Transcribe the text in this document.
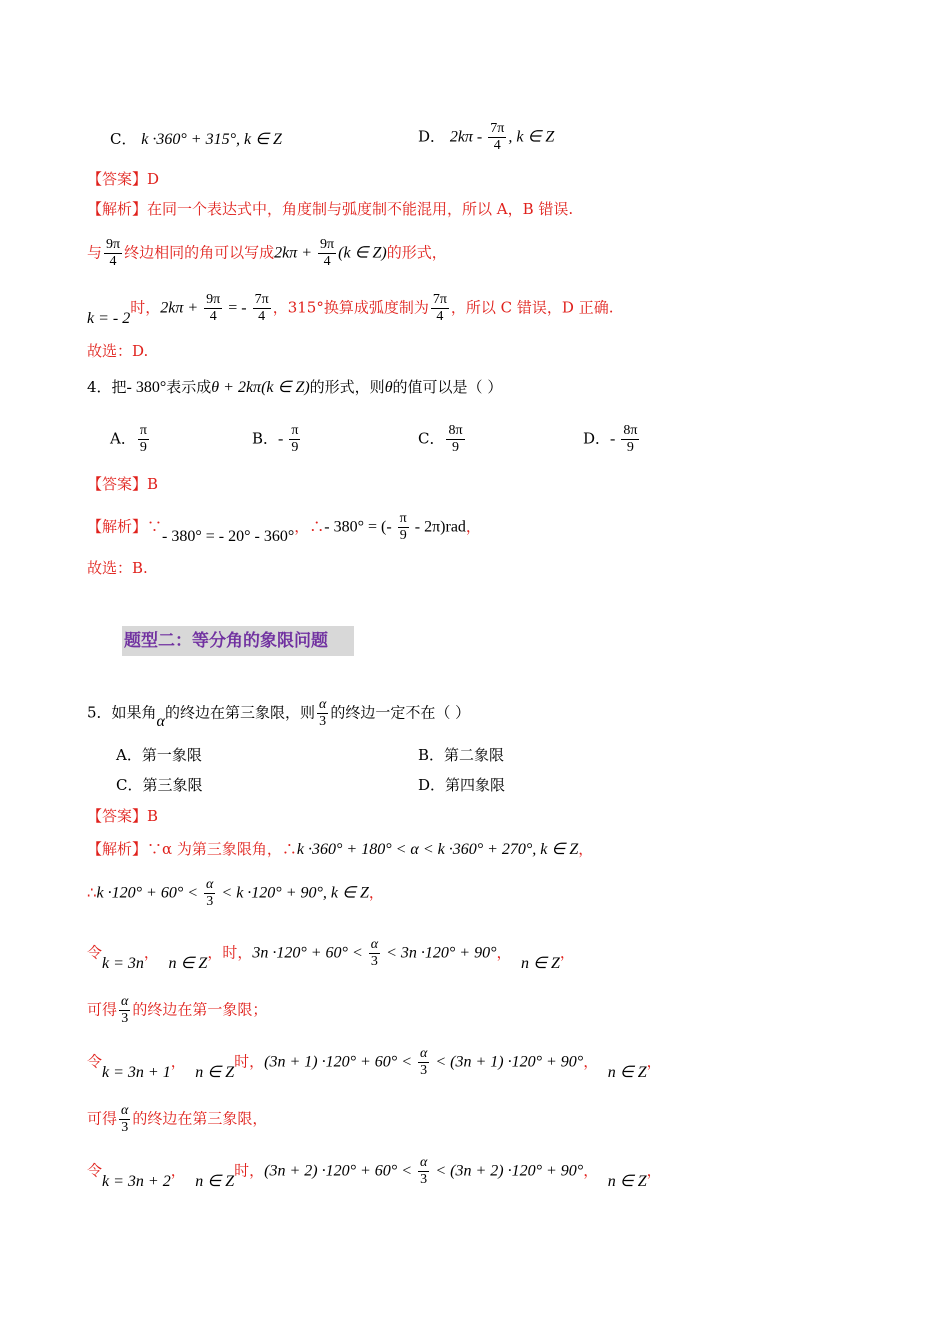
C． k ·360° + 315°, k ∈ Z	D． $2k\pi - \frac{7\pi}{4}$ , k ∈ Z
【答案】D
【解析】在同一个表达式中，角度制与弧度制不能混用，所以 A，B 错误.
与 $\frac{9\pi}{4}$ 终边相同的角可以写成$2k\pi + \frac{9\pi}{4} (k$ ∈ Z)的形式，
k = - 2时，$2k\pi + \frac{9\pi}{4}$ = - $\frac{7\pi}{4}$ ，315°换算成弧度制为 $\frac{7\pi}{4}$ ，所以 C 错误，D 正确.
故选：D.
4．把- 380°表示成θ + 2kπ(k ∈ Z)的形式，则θ的值可以是（ ）
A． $\frac{\pi}{9}$	B．- $\frac{\pi}{9}$	C． $\frac{8\pi}{9}$	D．- $\frac{8\pi}{9}$
【答案】B
【解析】∵- 380° = - 20° - 360°，∴- 380° = (- $\frac{\pi}{9} - 2\pi)rad$，
故选：B.
题型二：等分角的象限问题
5．如果角α的终边在第三象限，则 $\frac{\alpha}{3}$ 的终边一定不在（ ）
A．第一象限	B．第二象限
C．第三象限	D．第四象限
【答案】B
【解析】∵α 为第三象限角，∴k ·360° + 180° < α < k ·360° + 270°, k ∈ Z，
∴k $\cdot 120^\circ + 60^\circ < \frac{\alpha}{3} < k \cdot 120^\circ + 90^\circ$, k ∈ Z，
令k = 3n，  n ∈ Z，时，$3n \cdot 120^\circ + 60^\circ < \frac{\alpha}{3} < 3n \cdot 120^\circ + 90^\circ$，  n ∈ Z，
可得 $\frac{\alpha}{3}$ 的终边在第一象限；
令k = 3n + 1，  n ∈ Z时，$(3n + 1) \cdot 120^\circ + 60^\circ < \frac{\alpha}{3} < (3n + 1) \cdot 120^\circ + 90^\circ$，  n ∈ Z，
可得 $\frac{\alpha}{3}$ 的终边在第三象限，
令k = 3n + 2，  n ∈ Z时，$(3n + 2) \cdot 120^\circ + 60^\circ < \frac{\alpha}{3} < (3n + 2) \cdot 120^\circ + 90^\circ$，  n ∈ Z，
